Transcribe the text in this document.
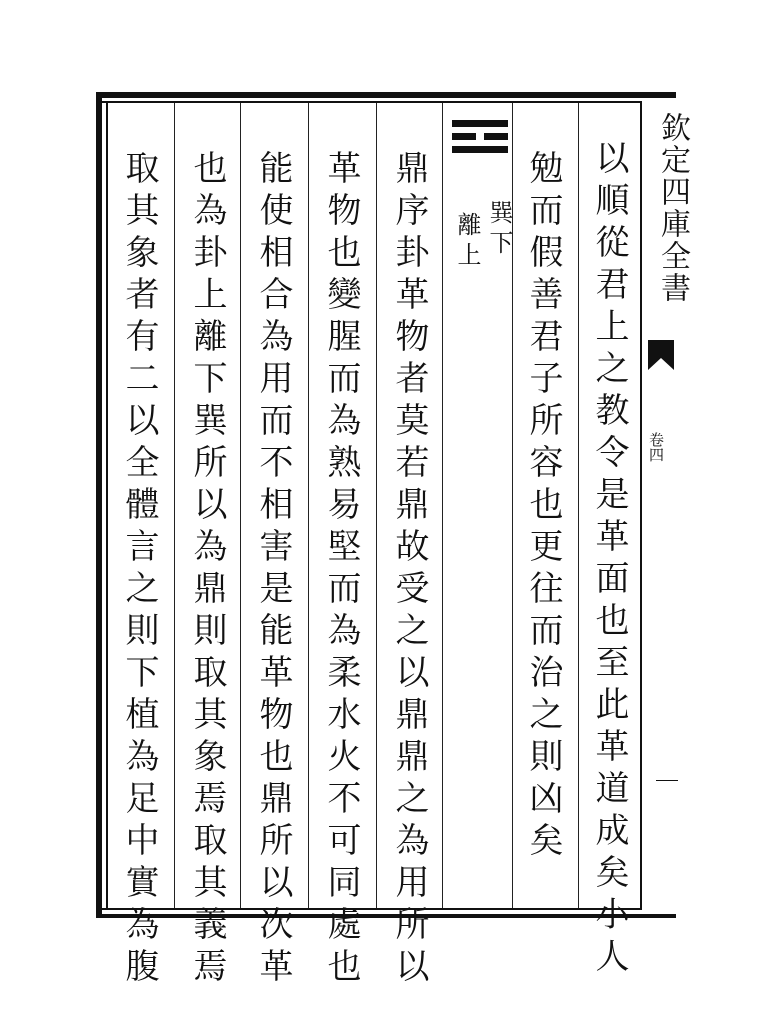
欽定四庫全書
卷四
以順從君上之教令是革面也至此革道成矣小人
勉而假善君子所容也更往而治之則凶矣
巽下
離上
鼎序卦革物者莫若鼎故受之以鼎鼎之為用所以
革物也變腥而為熟易堅而為柔水火不可同處也
能使相合為用而不相害是能革物也鼎所以次革
也為卦上離下巽所以為鼎則取其象焉取其義焉
取其象者有二以全體言之則下植為足中實為腹
